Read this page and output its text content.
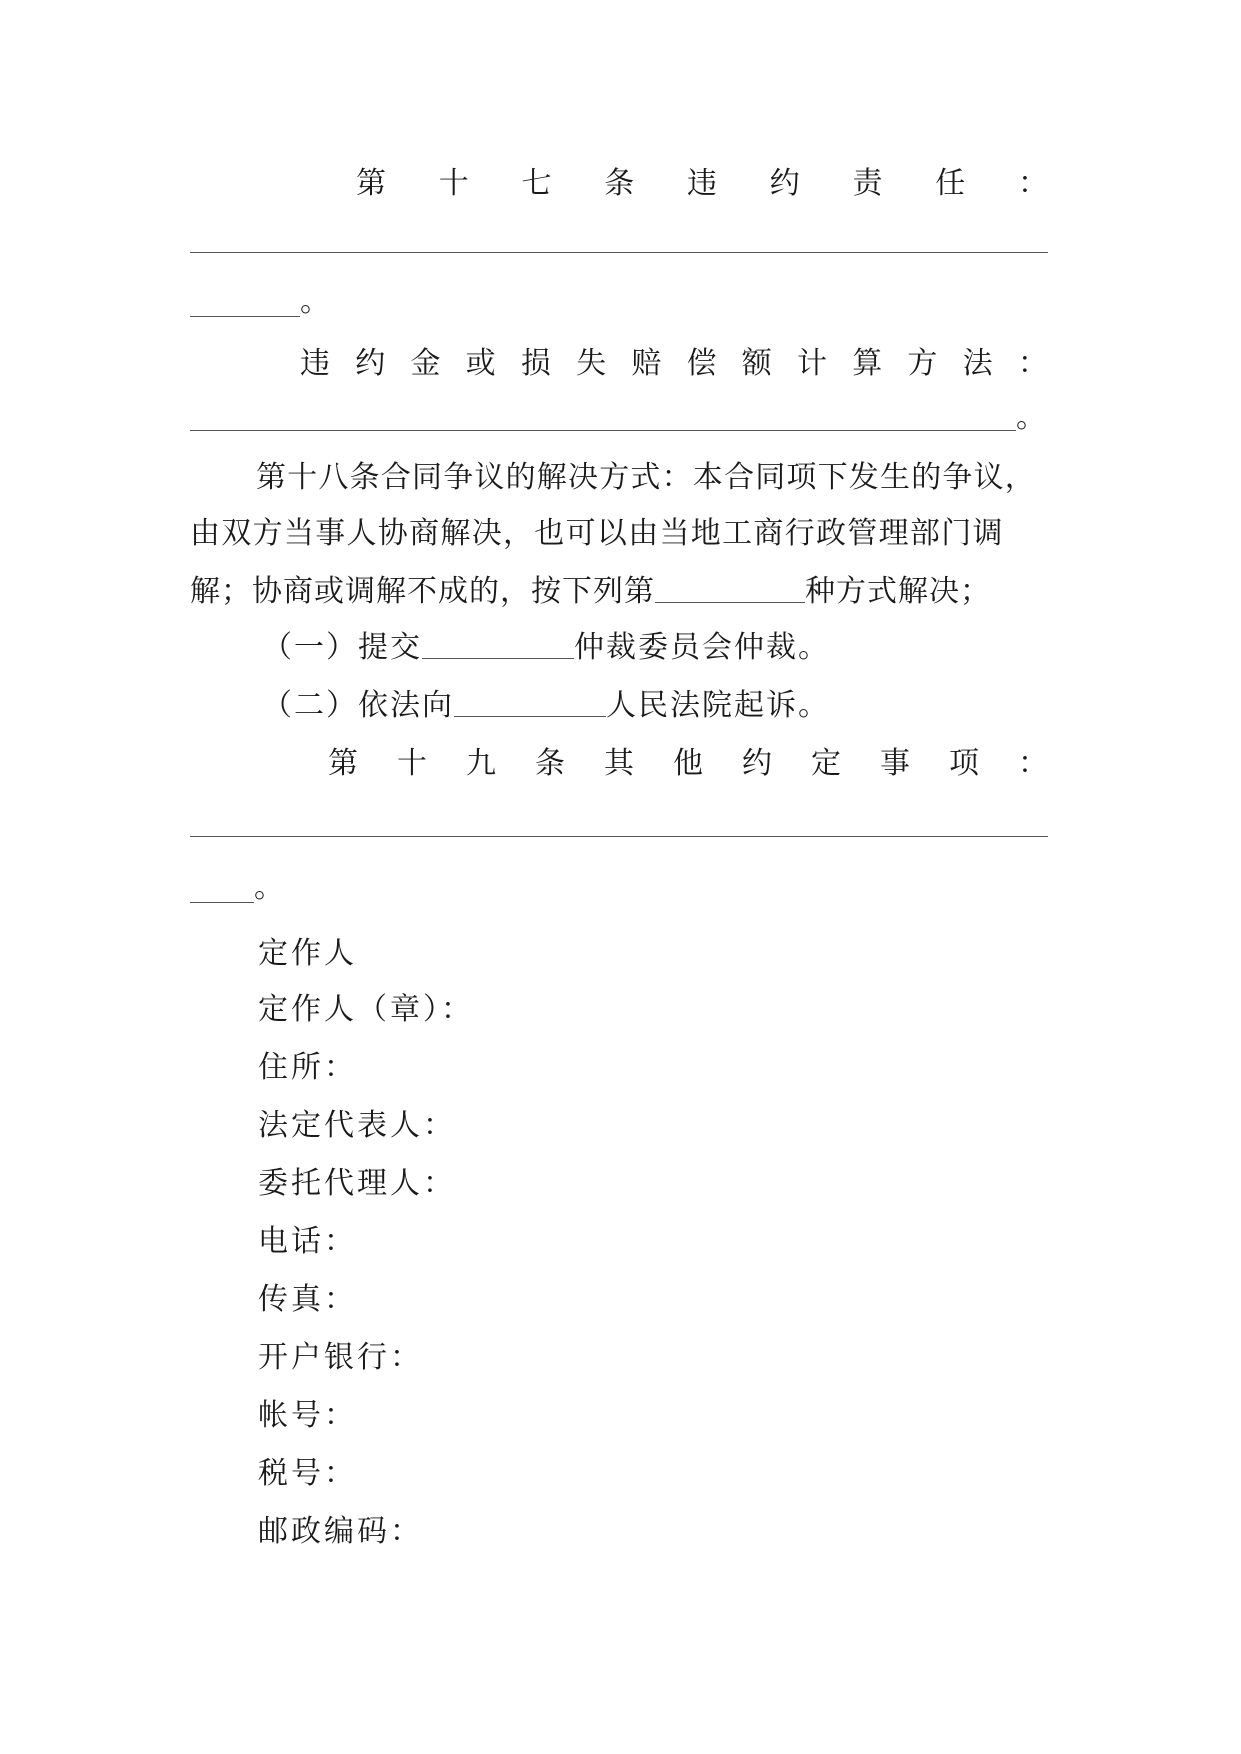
第 十 七 条 违 约 责 任 ：
。
违 约 金 或 损 失 赔 偿 额 计 算 方 法 ：
。
第十八条合同争议的解决方式：本合同项下发生的争议，
由双方当事人协商解决，也可以由当地工商行政管理部门调
解；协商或调解不成的，按下列第	种方式解决；
（一）提交	仲裁委员会仲裁。
（二）依法向	人民法院起诉。
第 十 九 条 其 他 约 定 事 项 ：
。
定作人
定作人（章）：
住所：
法定代表人：
委托代理人：
电话：
传真：
开户银行：
帐号：
税号：
邮政编码：
